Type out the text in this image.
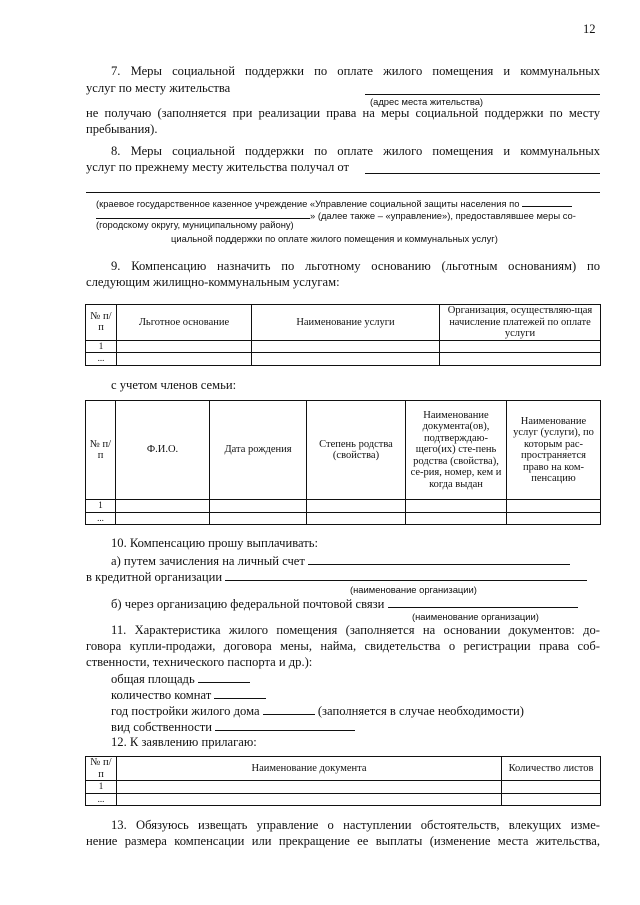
12
7. Меры социальной поддержки по оплате жилого помещения и коммунальных
услуг по месту жительства
(адрес места жительства)
не получаю (заполняется при реализации права на меры социальной поддержки по месту
пребывания).
8. Меры социальной поддержки по оплате жилого помещения и коммунальных
услуг по прежнему месту жительства получал от
(краевое государственное казенное учреждение «Управление социальной защиты населения по
» (далее также – «управление»), предоставлявшее меры со-
(городскому округу, муниципальному району)
циальной поддержки по оплате жилого помещения и коммунальных услуг)
9. Компенсацию назначить по льготному основанию (льготным основаниям) по
следующим жилищно-коммунальным услугам:
№ п/п	Льготное основание	Наименование услуги	Организация, осуществляю-щая начисление платежей по оплате услуги
1			
...			
с учетом членов семьи:
№ п/п	Ф.И.О.	Дата рождения	Степень родства (свойства)	Наименование документа(ов), подтверждаю-щего(их) сте-пень родства (свойства), се-рия, номер, кем и когда выдан	Наименование услуг (услуги), по которым рас-пространяется право на ком-пенсацию
1					
...					
10. Компенсацию прошу выплачивать:
а) путем зачисления на личный счет
в кредитной организации
(наименование организации)
б) через организацию федеральной почтовой связи
(наименование организации)
11. Характеристика жилого помещения (заполняется на основании документов: до-
говора купли-продажи, договора мены, найма, свидетельства о регистрации права соб-
ственности, технического паспорта и др.):
общая площадь
количество комнат
год постройки жилого дома	(заполняется в случае необходимости)
вид собственности
12. К заявлению прилагаю:
№ п/п	Наименование документа	Количество листов
1		
...		
13. Обязуюсь извещать управление о наступлении обстоятельств, влекущих изме-
нение размера компенсации или прекращение ее выплаты (изменение места жительства,
